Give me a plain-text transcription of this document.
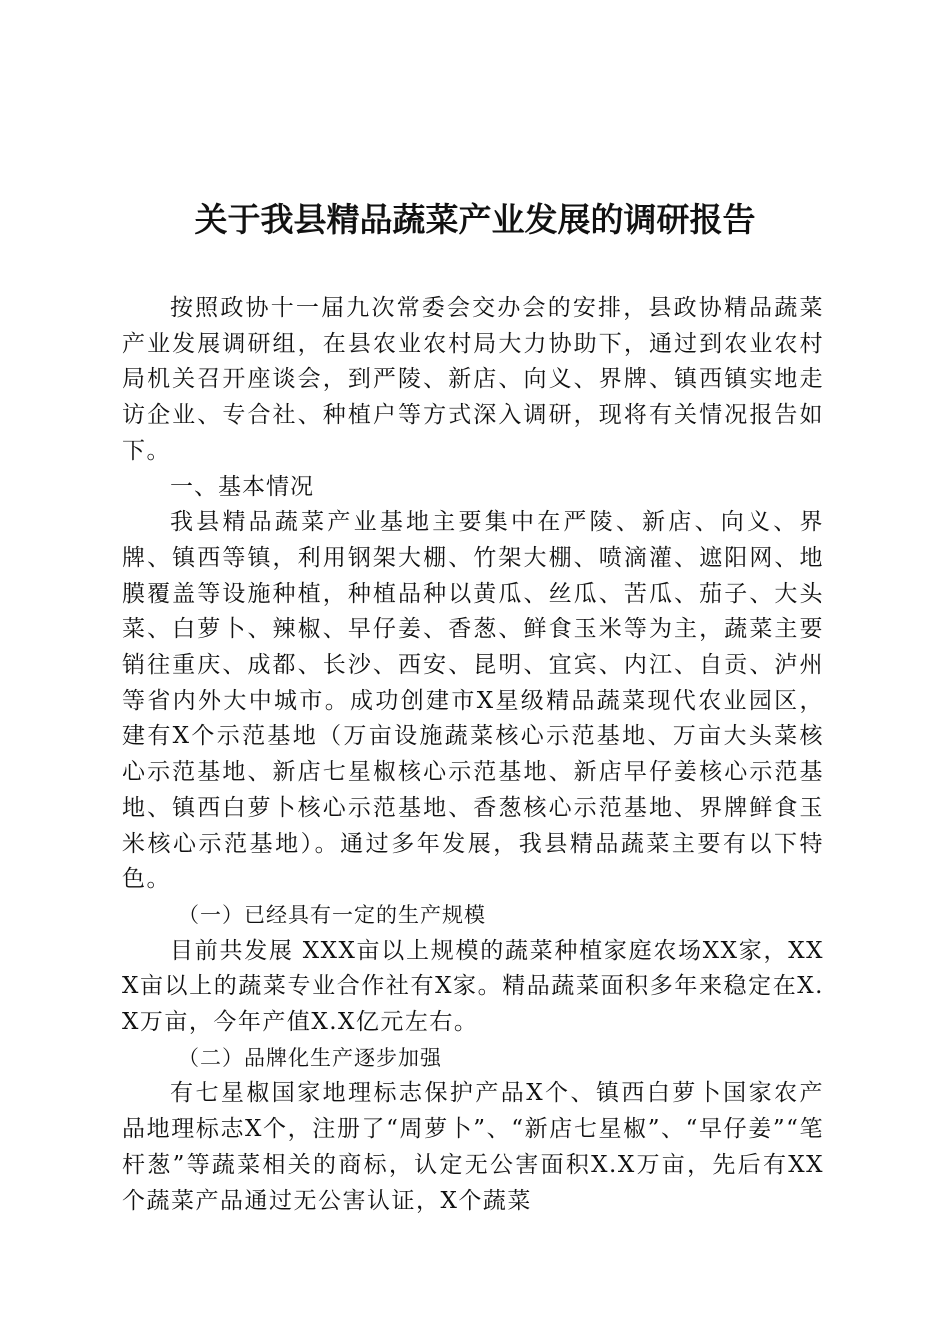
关于我县精品蔬菜产业发展的调研报告

按照政协十一届九次常委会交办会的安排，县政协精品蔬菜产业发展调研组，在县农业农村局大力协助下，通过到农业农村局机关召开座谈会，到严陵、新店、向义、界牌、镇西镇实地走访企业、专合社、种植户等方式深入调研，现将有关情况报告如下。

一、基本情况

我县精品蔬菜产业基地主要集中在严陵、新店、向义、界牌、镇西等镇，利用钢架大棚、竹架大棚、喷滴灌、遮阳网、地膜覆盖等设施种植，种植品种以黄瓜、丝瓜、苦瓜、茄子、大头菜、白萝卜、辣椒、早仔姜、香葱、鲜食玉米等为主，蔬菜主要销往重庆、成都、长沙、西安、昆明、宜宾、内江、自贡、泸州等省内外大中城市。成功创建市X星级精品蔬菜现代农业园区，建有X个示范基地（万亩设施蔬菜核心示范基地、万亩大头菜核心示范基地、新店七星椒核心示范基地、新店早仔姜核心示范基地、镇西白萝卜核心示范基地、香葱核心示范基地、界牌鲜食玉米核心示范基地）。通过多年发展，我县精品蔬菜主要有以下特色。

（一）已经具有一定的生产规模

目前共发展 XXX亩以上规模的蔬菜种植家庭农场XX家，XXX亩以上的蔬菜专业合作社有X家。精品蔬菜面积多年来稳定在X.X万亩，今年产值X.X亿元左右。

（二）品牌化生产逐步加强

有七星椒国家地理标志保护产品X个、镇西白萝卜国家农产品地理标志X个，注册了“周萝卜”、“新店七星椒”、“早仔姜”“笔杆葱”等蔬菜相关的商标，认定无公害面积X.X万亩，先后有XX个蔬菜产品通过无公害认证，X个蔬菜
